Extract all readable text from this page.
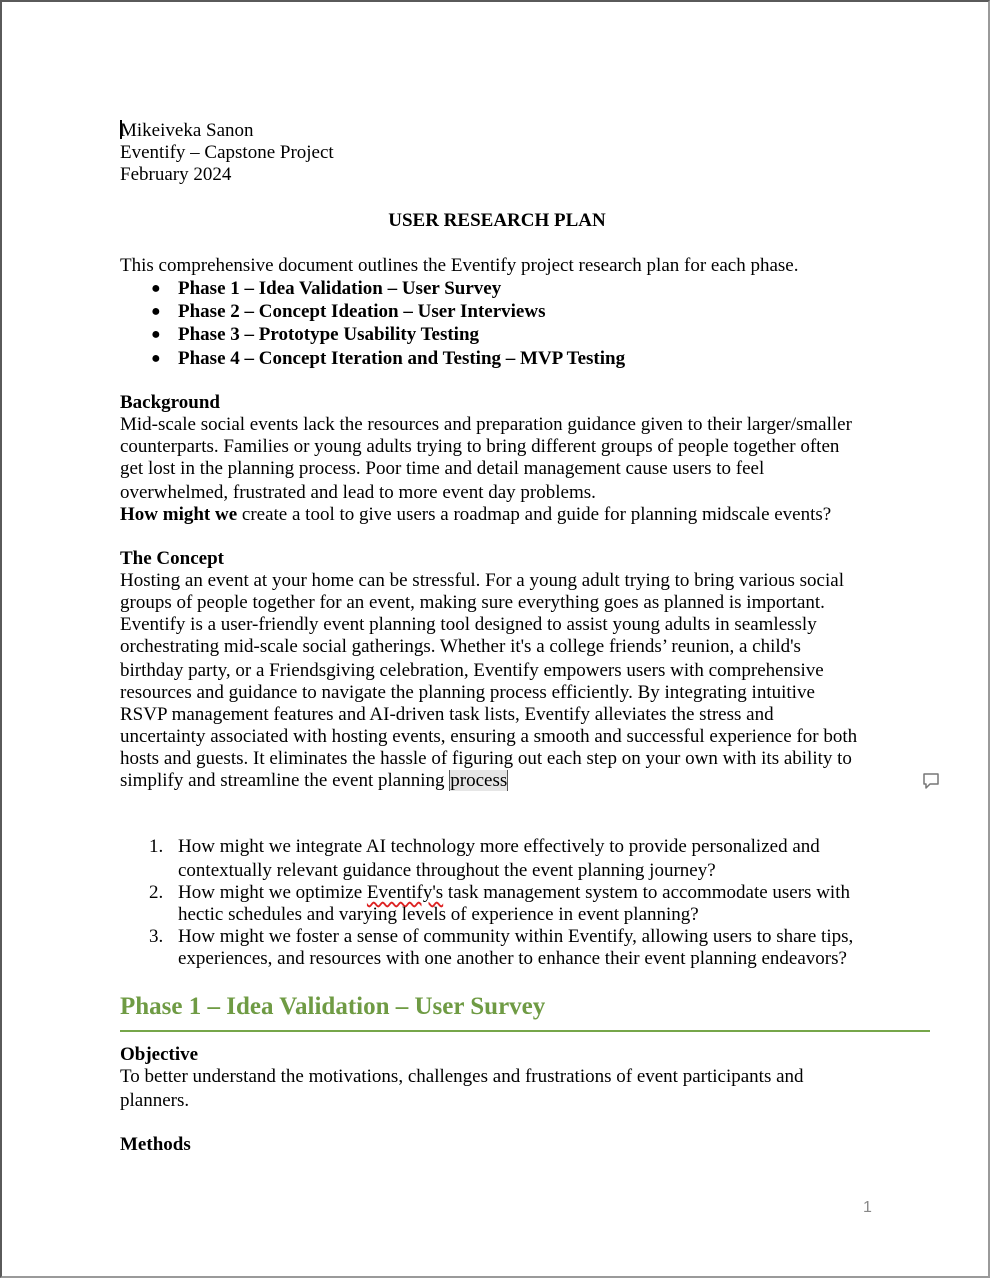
Mikeiveka Sanon
Eventify – Capstone Project
February 2024
USER RESEARCH PLAN
This comprehensive document outlines the Eventify project research plan for each phase.
● Phase 1 – Idea Validation – User Survey
● Phase 2 – Concept Ideation – User Interviews
● Phase 3 – Prototype Usability Testing
● Phase 4 – Concept Iteration and Testing – MVP Testing
Background
Mid-scale social events lack the resources and preparation guidance given to their larger/smaller
counterparts. Families or young adults trying to bring different groups of people together often
get lost in the planning process. Poor time and detail management cause users to feel
overwhelmed, frustrated and lead to more event day problems.
How might we create a tool to give users a roadmap and guide for planning midscale events?
The Concept
Hosting an event at your home can be stressful. For a young adult trying to bring various social
groups of people together for an event, making sure everything goes as planned is important.
Eventify is a user-friendly event planning tool designed to assist young adults in seamlessly
orchestrating mid-scale social gatherings. Whether it's a college friends’ reunion, a child's
birthday party, or a Friendsgiving celebration, Eventify empowers users with comprehensive
resources and guidance to navigate the planning process efficiently. By integrating intuitive
RSVP management features and AI-driven task lists, Eventify alleviates the stress and
uncertainty associated with hosting events, ensuring a smooth and successful experience for both
hosts and guests. It eliminates the hassle of figuring out each step on your own with its ability to
simplify and streamline the event planning process
1. How might we integrate AI technology more effectively to provide personalized and
contextually relevant guidance throughout the event planning journey?
2. How might we optimize Eventify's task management system to accommodate users with
hectic schedules and varying levels of experience in event planning?
3. How might we foster a sense of community within Eventify, allowing users to share tips,
experiences, and resources with one another to enhance their event planning endeavors?
Phase 1 – Idea Validation – User Survey
Objective
To better understand the motivations, challenges and frustrations of event participants and
planners.
Methods
1
